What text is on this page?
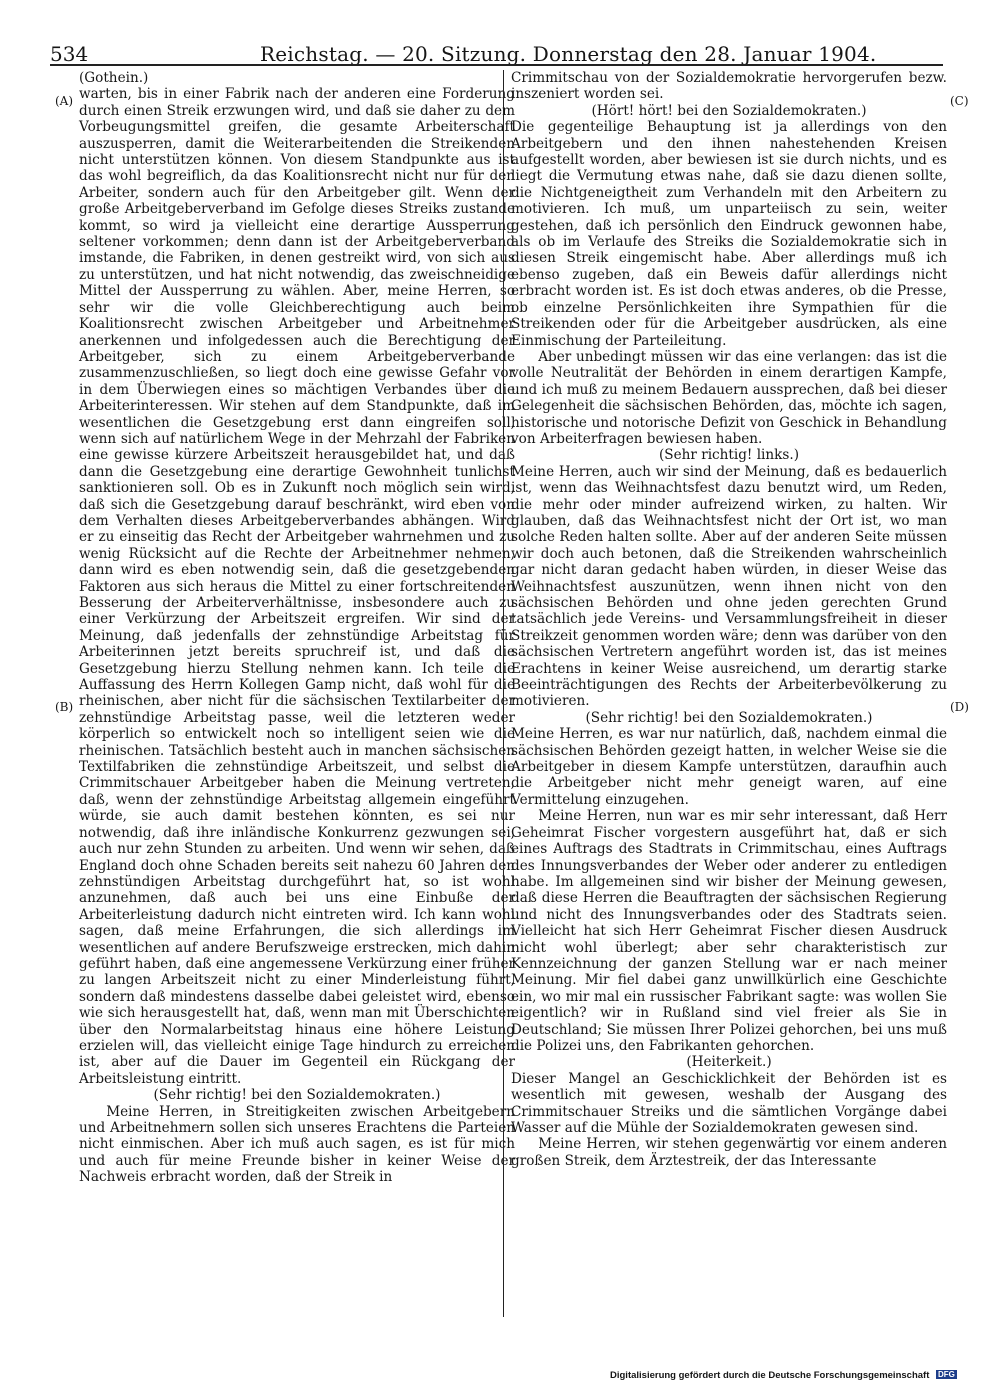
534	Reichstag. — 20. Sitzung. Donnerstag den 28. Januar 1904.
(A)
(B)
(C)
(D)

(Gothein.)

warten, bis in einer Fabrik nach der anderen eine Forderung durch einen Streik erzwungen wird, und daß sie daher zu dem Vorbeugungsmittel greifen, die gesamte Arbeiterschaft auszusperren, damit die Weiterarbeitenden die Streikenden nicht unterstützen können. Von diesem Standpunkte aus ist das wohl begreiflich, da das Koalitionsrecht nicht nur für den Arbeiter, sondern auch für den Arbeitgeber gilt. Wenn der große Arbeitgeberverband im Gefolge dieses Streiks zustande kommt, so wird ja vielleicht eine derartige Aussperrung seltener vorkommen; denn dann ist der Arbeitgeberverband imstande, die Fabriken, in denen gestreikt wird, von sich aus zu unterstützen, und hat nicht notwendig, das zweischneidige Mittel der Aussperrung zu wählen. Aber, meine Herren, so sehr wir die volle Gleichberechtigung auch beim Koalitionsrecht zwischen Arbeitgeber und Arbeitnehmer anerkennen und infolgedessen auch die Berechtigung der Arbeitgeber, sich zu einem Arbeitgeberverbande zusammenzuschließen, so liegt doch eine gewisse Gefahr vor in dem Überwiegen eines so mächtigen Verbandes über die Arbeiterinteressen. Wir stehen auf dem Standpunkte, daß im wesentlichen die Gesetzgebung erst dann eingreifen soll, wenn sich auf natürlichem Wege in der Mehrzahl der Fabriken eine gewisse kürzere Arbeitszeit herausgebildet hat, und daß dann die Gesetzgebung eine derartige Gewohnheit tunlichst sanktionieren soll. Ob es in Zukunft noch möglich sein wird, daß sich die Gesetzgebung darauf beschränkt, wird eben von dem Verhalten dieses Arbeitgeberverbandes abhängen. Wird er zu einseitig das Recht der Arbeitgeber wahrnehmen und zu wenig Rücksicht auf die Rechte der Arbeitnehmer nehmen, dann wird es eben notwendig sein, daß die gesetzgebenden Faktoren aus sich heraus die Mittel zu einer fortschreitenden Besserung der Arbeiterverhältnisse, insbesondere auch zu einer Verkürzung der Arbeitszeit ergreifen. Wir sind der Meinung, daß jedenfalls der zehnstündige Arbeitstag für Arbeiterinnen jetzt bereits spruchreif ist, und daß die Gesetzgebung hierzu Stellung nehmen kann. Ich teile die Auffassung des Herrn Kollegen Gamp nicht, daß wohl für die rheinischen, aber nicht für die sächsischen Textilarbeiter der zehnstündige Arbeitstag passe, weil die letzteren weder körperlich so entwickelt noch so intelligent seien wie die rheinischen. Tatsächlich besteht auch in manchen sächsischen Textilfabriken die zehnstündige Arbeitszeit, und selbst die Crimmitschauer Arbeitgeber haben die Meinung vertreten, daß, wenn der zehnstündige Arbeitstag allgemein eingeführt würde, sie auch damit bestehen könnten, es sei nur notwendig, daß ihre inländische Konkurrenz gezwungen sei, auch nur zehn Stunden zu arbeiten. Und wenn wir sehen, daß England doch ohne Schaden bereits seit nahezu 60 Jahren den zehnstündigen Arbeitstag durchgeführt hat, so ist wohl anzunehmen, daß auch bei uns eine Einbuße der Arbeiterleistung dadurch nicht eintreten wird. Ich kann wohl sagen, daß meine Erfahrungen, die sich allerdings im wesentlichen auf andere Berufszweige erstrecken, mich dahin geführt haben, daß eine angemessene Verkürzung einer früher zu langen Arbeitszeit nicht zu einer Minderleistung führt, sondern daß mindestens dasselbe dabei geleistet wird, ebenso wie sich herausgestellt hat, daß, wenn man mit Überschichten über den Normalarbeitstag hinaus eine höhere Leistung erzielen will, das vielleicht einige Tage hindurch zu erreichen ist, aber auf die Dauer im Gegenteil ein Rückgang der Arbeitsleistung eintritt.

(Sehr richtig! bei den Sozialdemokraten.)

Meine Herren, in Streitigkeiten zwischen Arbeitgebern und Arbeitnehmern sollen sich unseres Erachtens die Parteien nicht einmischen. Aber ich muß auch sagen, es ist für mich und auch für meine Freunde bisher in keiner Weise der Nachweis erbracht worden, daß der Streik in

Crimmitschau von der Sozialdemokratie hervorgerufen bezw. inszeniert worden sei.

(Hört! hört! bei den Sozialdemokraten.)

Die gegenteilige Behauptung ist ja allerdings von den Arbeitgebern und den ihnen nahestehenden Kreisen aufgestellt worden, aber bewiesen ist sie durch nichts, und es liegt die Vermutung etwas nahe, daß sie dazu dienen sollte, die Nichtgeneigtheit zum Verhandeln mit den Arbeitern zu motivieren. Ich muß, um unparteiisch zu sein, weiter gestehen, daß ich persönlich den Eindruck gewonnen habe, als ob im Verlaufe des Streiks die Sozialdemokratie sich in diesen Streik eingemischt habe. Aber allerdings muß ich ebenso zugeben, daß ein Beweis dafür allerdings nicht erbracht worden ist. Es ist doch etwas anderes, ob die Presse, ob einzelne Persönlichkeiten ihre Sympathien für die Streikenden oder für die Arbeitgeber ausdrücken, als eine Einmischung der Parteileitung.

Aber unbedingt müssen wir das eine verlangen: das ist die volle Neutralität der Behörden in einem derartigen Kampfe, und ich muß zu meinem Bedauern aussprechen, daß bei dieser Gelegenheit die sächsischen Behörden, das, möchte ich sagen, historische und notorische Defizit von Geschick in Behandlung von Arbeiterfragen bewiesen haben.

(Sehr richtig! links.)

Meine Herren, auch wir sind der Meinung, daß es bedauerlich ist, wenn das Weihnachtsfest dazu benutzt wird, um Reden, die mehr oder minder aufreizend wirken, zu halten. Wir glauben, daß das Weihnachtsfest nicht der Ort ist, wo man solche Reden halten sollte. Aber auf der anderen Seite müssen wir doch auch betonen, daß die Streikenden wahrscheinlich gar nicht daran gedacht haben würden, in dieser Weise das Weihnachtsfest auszunützen, wenn ihnen nicht von den sächsischen Behörden und ohne jeden gerechten Grund tatsächlich jede Vereins- und Versammlungsfreiheit in dieser Streikzeit genommen worden wäre; denn was darüber von den sächsischen Vertretern angeführt worden ist, das ist meines Erachtens in keiner Weise ausreichend, um derartig starke Beeinträchtigungen des Rechts der Arbeiterbevölkerung zu motivieren.

(Sehr richtig! bei den Sozialdemokraten.)

Meine Herren, es war nur natürlich, daß, nachdem einmal die sächsischen Behörden gezeigt hatten, in welcher Weise sie die Arbeitgeber in diesem Kampfe unterstützen, daraufhin auch die Arbeitgeber nicht mehr geneigt waren, auf eine Vermittelung einzugehen.

Meine Herren, nun war es mir sehr interessant, daß Herr Geheimrat Fischer vorgestern ausgeführt hat, daß er sich eines Auftrags des Stadtrats in Crimmitschau, eines Auftrags des Innungsverbandes der Weber oder anderer zu entledigen habe. Im allgemeinen sind wir bisher der Meinung gewesen, daß diese Herren die Beauftragten der sächsischen Regierung und nicht des Innungsverbandes oder des Stadtrats seien. Vielleicht hat sich Herr Geheimrat Fischer diesen Ausdruck nicht wohl überlegt; aber sehr charakteristisch zur Kennzeichnung der ganzen Stellung war er nach meiner Meinung. Mir fiel dabei ganz unwillkürlich eine Geschichte ein, wo mir mal ein russischer Fabrikant sagte: was wollen Sie eigentlich? wir in Rußland sind viel freier als Sie in Deutschland; Sie müssen Ihrer Polizei gehorchen, bei uns muß die Polizei uns, den Fabrikanten gehorchen.

(Heiterkeit.)

Dieser Mangel an Geschicklichkeit der Behörden ist es wesentlich mit gewesen, weshalb der Ausgang des Crimmitschauer Streiks und die sämtlichen Vorgänge dabei Wasser auf die Mühle der Sozialdemokraten gewesen sind.

Meine Herren, wir stehen gegenwärtig vor einem anderen großen Streik, dem Ärztestreik, der das Interessante

Digitalisierung gefördert durch die Deutsche Forschungsgemeinschaft DFG
